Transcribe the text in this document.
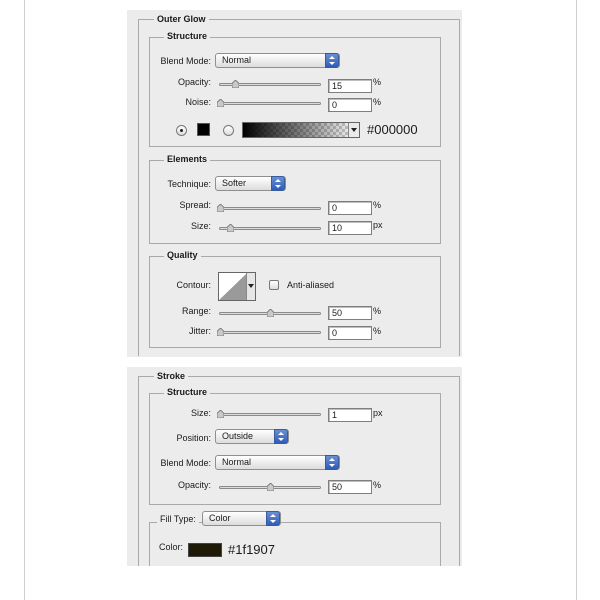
Outer Glow
Structure
Blend Mode:	Normal
Opacity:	15	%
Noise:	0	%
#000000
Elements
Technique:	Softer
Spread:	0	%
Size:	10	px
Quality
Contour:	Anti-aliased
Range:	50	%
Jitter:	0	%
Stroke
Structure
Size:	1	px
Position:	Outside
Blend Mode:	Normal
Opacity:	50	%
Fill Type:	Color
Color:	#1f1907
